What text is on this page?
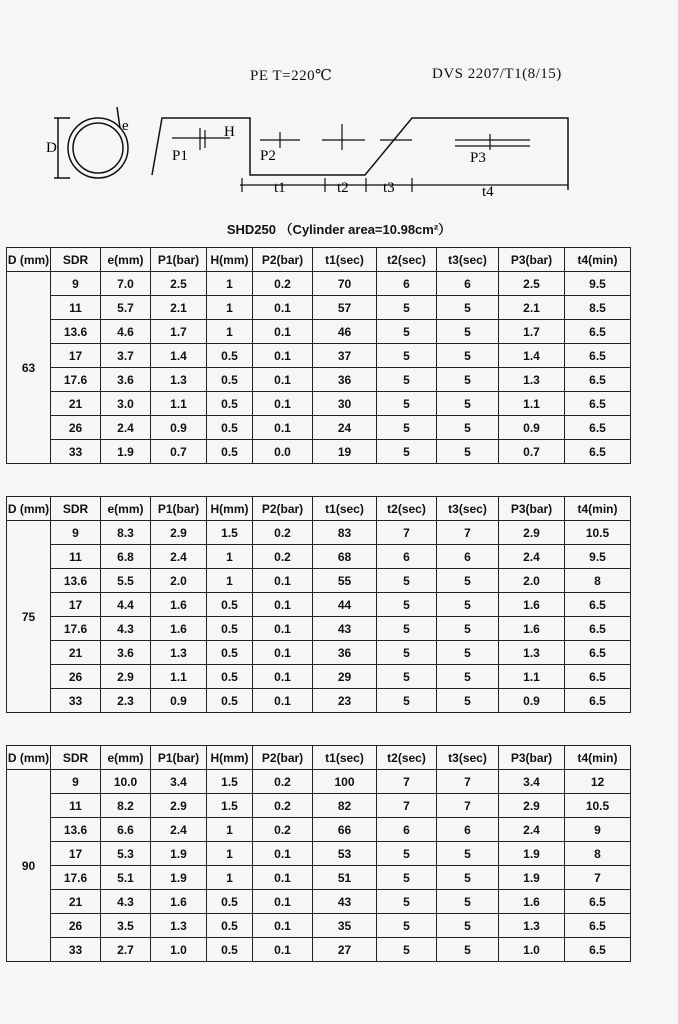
PE T=220℃	DVS 2207/T1(8/15)
D
e
P1
H
P2	P3
t1	t2 t3	t4
SHD250 （Cylinder area=10.98cm²）
D (mm)	SDR	e(mm)	P1(bar)	H(mm)	P2(bar)	t1(sec)	t2(sec)	t3(sec)	P3(bar)	t4(min)
63	9	7.0	2.5	1	0.2	70	6	6	2.5	9.5
	11	5.7	2.1	1	0.1	57	5	5	2.1	8.5
	13.6	4.6	1.7	1	0.1	46	5	5	1.7	6.5
	17	3.7	1.4	0.5	0.1	37	5	5	1.4	6.5
	17.6	3.6	1.3	0.5	0.1	36	5	5	1.3	6.5
	21	3.0	1.1	0.5	0.1	30	5	5	1.1	6.5
	26	2.4	0.9	0.5	0.1	24	5	5	0.9	6.5
	33	1.9	0.7	0.5	0.0	19	5	5	0.7	6.5
D (mm)	SDR	e(mm)	P1(bar)	H(mm)	P2(bar)	t1(sec)	t2(sec)	t3(sec)	P3(bar)	t4(min)
75	9	8.3	2.9	1.5	0.2	83	7	7	2.9	10.5
	11	6.8	2.4	1	0.2	68	6	6	2.4	9.5
	13.6	5.5	2.0	1	0.1	55	5	5	2.0	8
	17	4.4	1.6	0.5	0.1	44	5	5	1.6	6.5
	17.6	4.3	1.6	0.5	0.1	43	5	5	1.6	6.5
	21	3.6	1.3	0.5	0.1	36	5	5	1.3	6.5
	26	2.9	1.1	0.5	0.1	29	5	5	1.1	6.5
	33	2.3	0.9	0.5	0.1	23	5	5	0.9	6.5
D (mm)	SDR	e(mm)	P1(bar)	H(mm)	P2(bar)	t1(sec)	t2(sec)	t3(sec)	P3(bar)	t4(min)
90	9	10.0	3.4	1.5	0.2	100	7	7	3.4	12
	11	8.2	2.9	1.5	0.2	82	7	7	2.9	10.5
	13.6	6.6	2.4	1	0.2	66	6	6	2.4	9
	17	5.3	1.9	1	0.1	53	5	5	1.9	8
	17.6	5.1	1.9	1	0.1	51	5	5	1.9	7
	21	4.3	1.6	0.5	0.1	43	5	5	1.6	6.5
	26	3.5	1.3	0.5	0.1	35	5	5	1.3	6.5
	33	2.7	1.0	0.5	0.1	27	5	5	1.0	6.5
